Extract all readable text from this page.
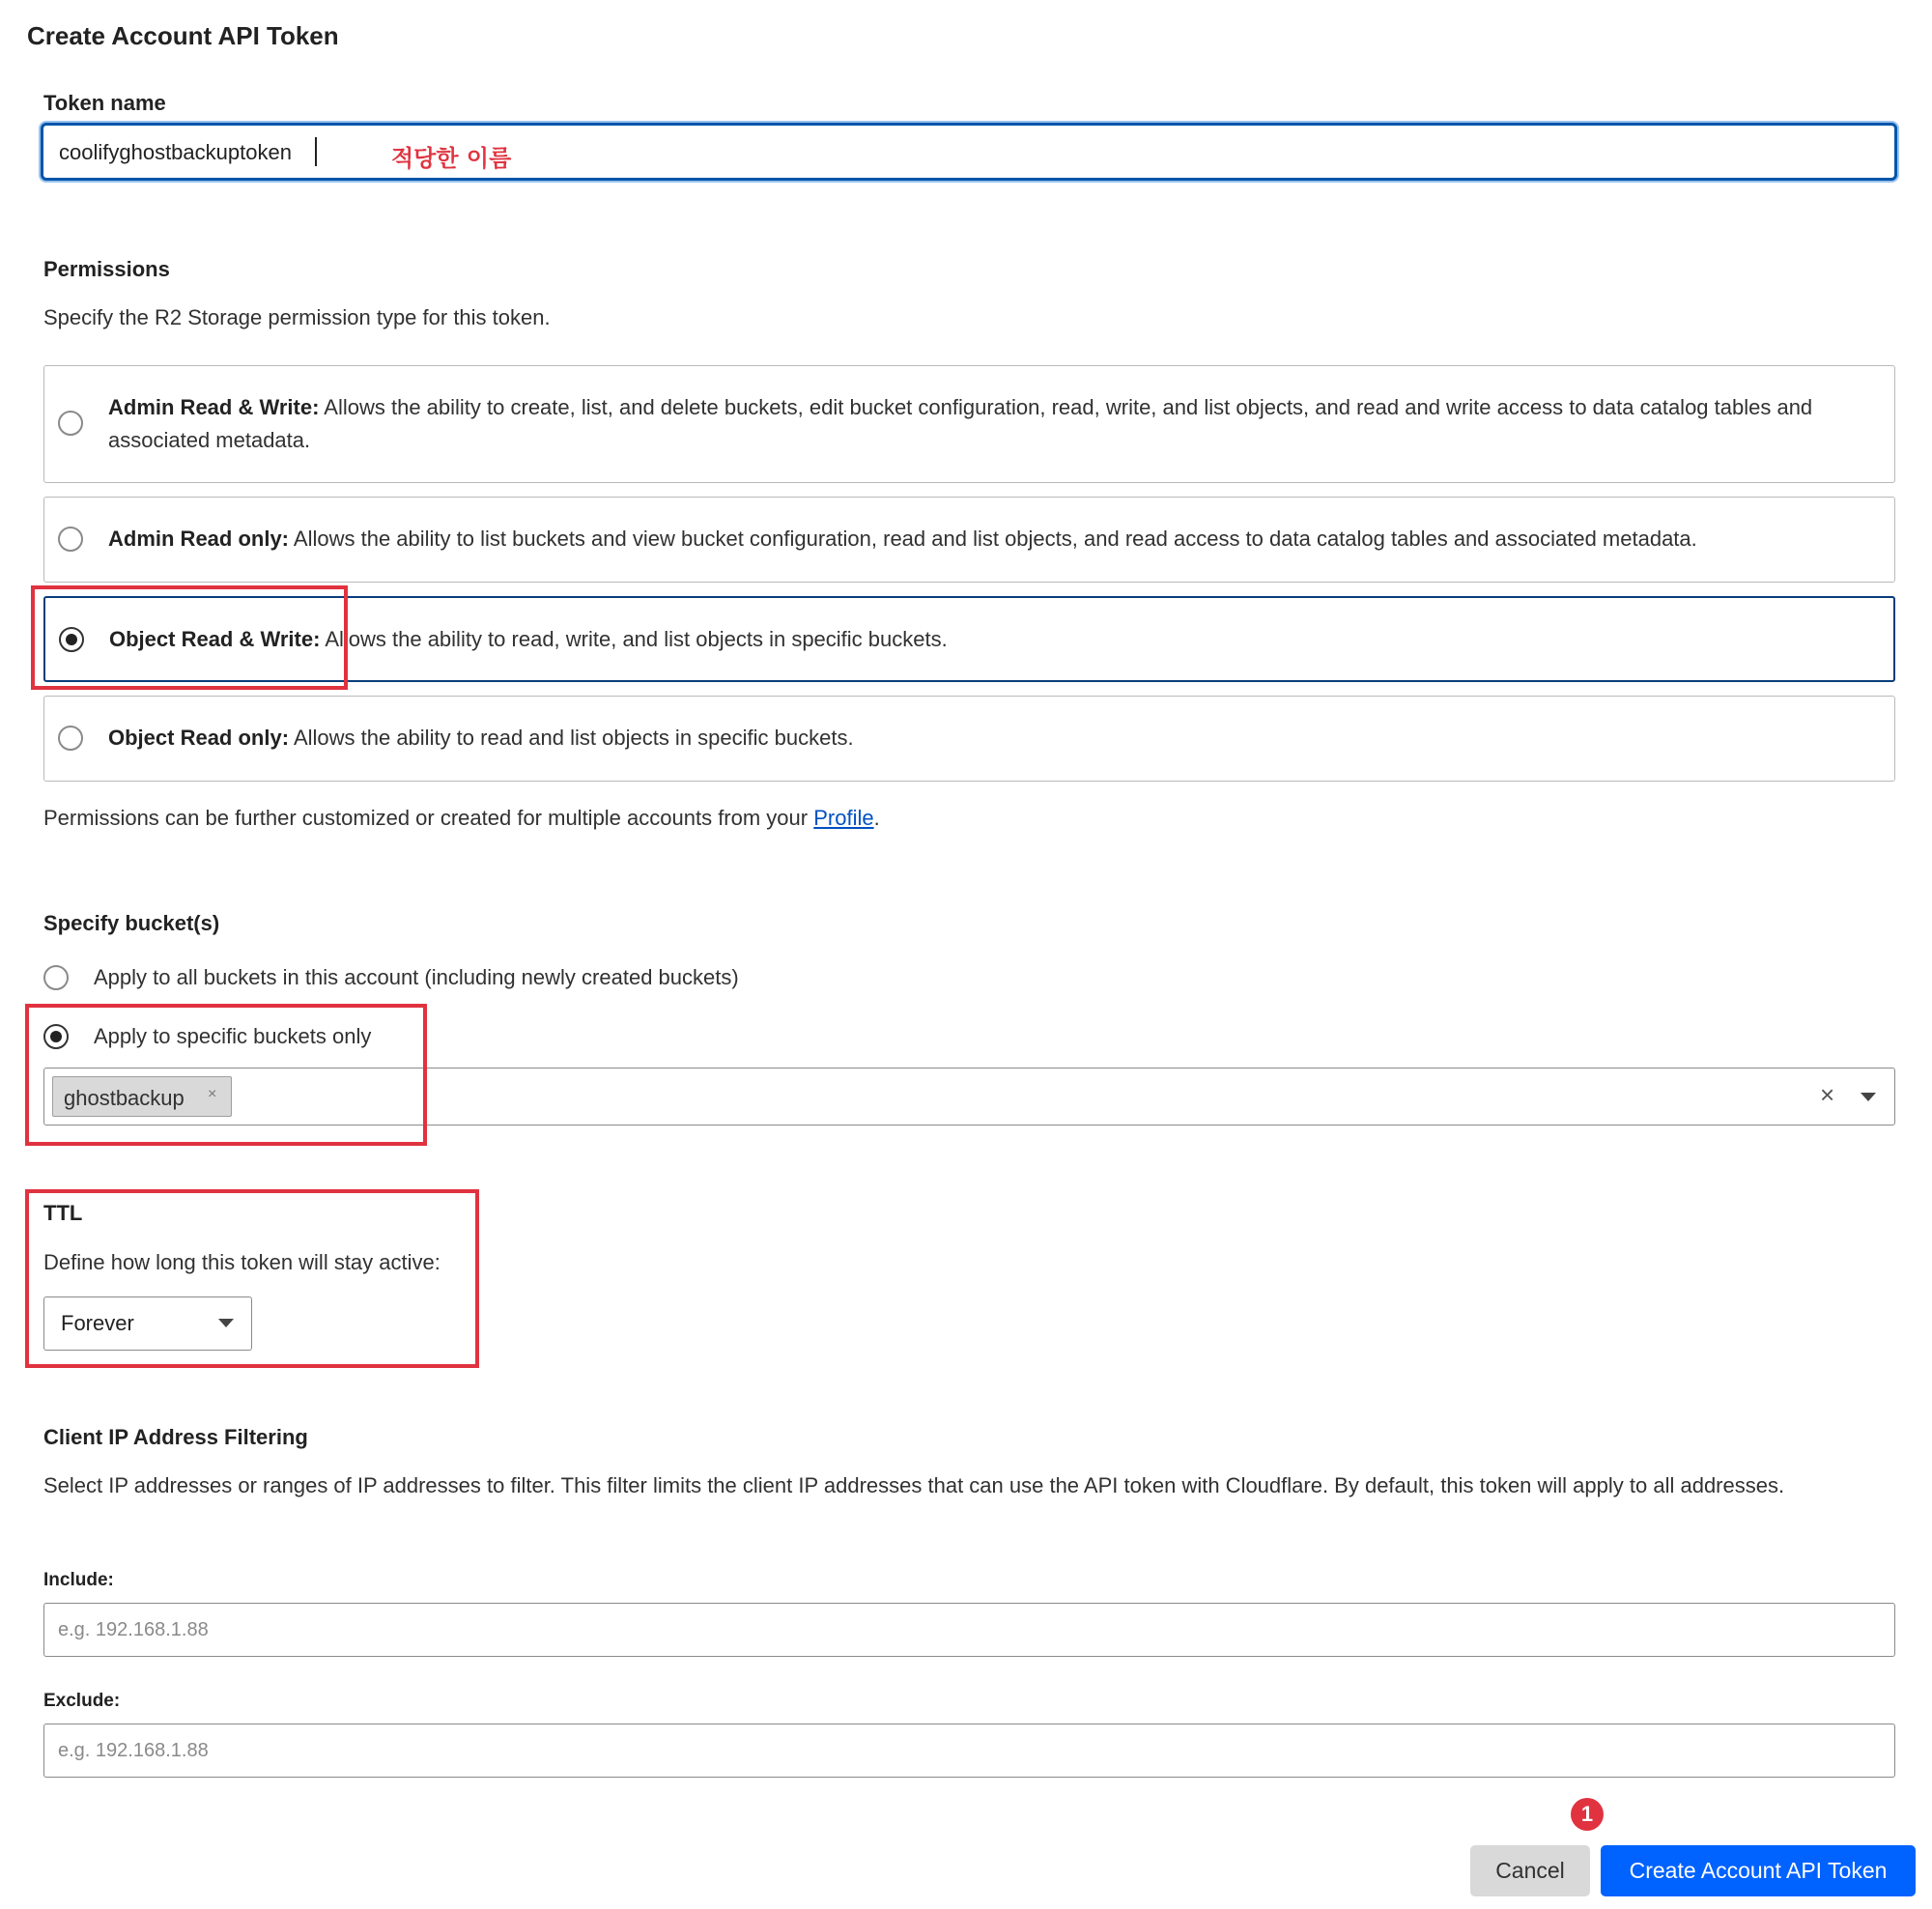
Create Account API Token
Token name
coolifyghostbackuptoken	적당한 이름
Permissions
Specify the R2 Storage permission type for this token.
Admin Read & Write: Allows the ability to create, list, and delete buckets, edit bucket configuration, read, write, and list objects, and read and write access to data catalog tables and associated metadata.
Admin Read only: Allows the ability to list buckets and view bucket configuration, read and list objects, and read access to data catalog tables and associated metadata.
Object Read & Write: Allows the ability to read, write, and list objects in specific buckets.
Object Read only: Allows the ability to read and list objects in specific buckets.
Permissions can be further customized or created for multiple accounts from your Profile.
Specify bucket(s)
Apply to all buckets in this account (including newly created buckets)
Apply to specific buckets only
ghostbackup ×	×
TTL
Define how long this token will stay active:
Forever
Client IP Address Filtering
Select IP addresses or ranges of IP addresses to filter. This filter limits the client IP addresses that can use the API token with Cloudflare. By default, this token will apply to all addresses.
Include:
e.g. 192.168.1.88
Exclude:
e.g. 192.168.1.88
1
Cancel	Create Account API Token
